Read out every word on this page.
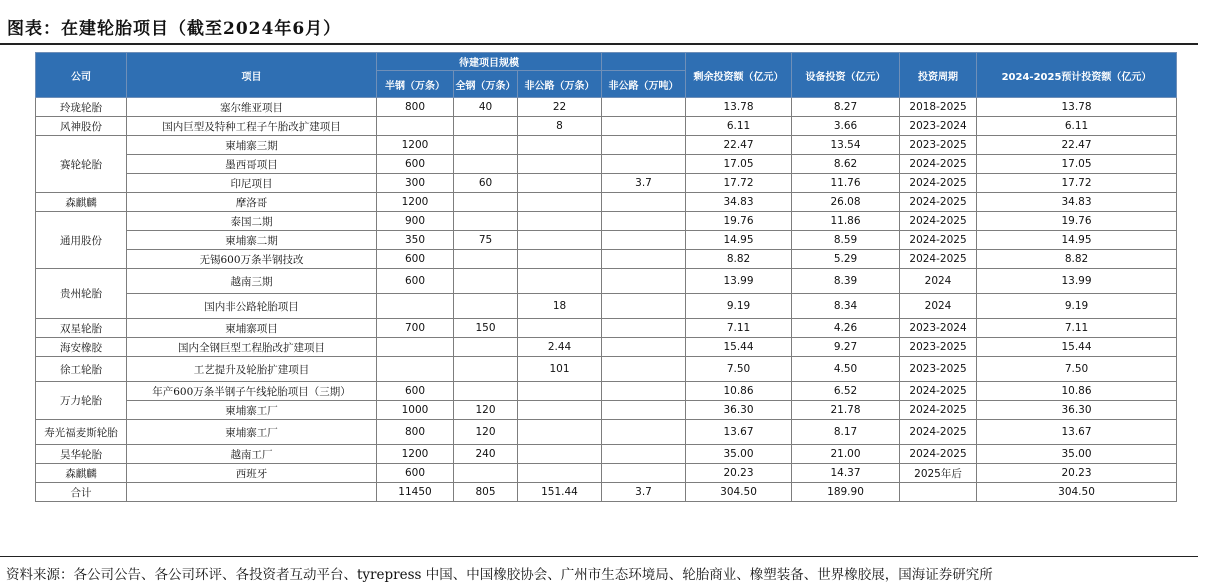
图表：在建轮胎项目（截至2024年6月）
公司	项目	待建项目规模				剩余投资额（亿元）	设备投资（亿元）	投资周期	2024-2025预计投资额（亿元）
		半钢（万条）	全钢（万条）	非公路（万条）	非公路（万吨）				
玲珑轮胎	塞尔维亚项目	800	40	22		13.78	8.27	2018-2025	13.78
风神股份	国内巨型及特种工程子午胎改扩建项目			8		6.11	3.66	2023-2024	6.11
赛轮轮胎	柬埔寨三期	1200				22.47	13.54	2023-2025	22.47
	墨西哥项目	600				17.05	8.62	2024-2025	17.05
	印尼项目	300	60		3.7	17.72	11.76	2024-2025	17.72
森麒麟	摩洛哥	1200				34.83	26.08	2024-2025	34.83
通用股份	泰国二期	900				19.76	11.86	2024-2025	19.76
	柬埔寨二期	350	75			14.95	8.59	2024-2025	14.95
	无锡600万条半钢技改	600				8.82	5.29	2024-2025	8.82
贵州轮胎	越南三期	600				13.99	8.39	2024	13.99
	国内非公路轮胎项目			18		9.19	8.34	2024	9.19
双星轮胎	柬埔寨项目	700	150			7.11	4.26	2023-2024	7.11
海安橡胶	国内全钢巨型工程胎改扩建项目			2.44		15.44	9.27	2023-2025	15.44
徐工轮胎	工艺提升及轮胎扩建项目			101		7.50	4.50	2023-2025	7.50
万力轮胎	年产600万条半钢子午线轮胎项目（三期）	600				10.86	6.52	2024-2025	10.86
	柬埔寨工厂	1000	120			36.30	21.78	2024-2025	36.30
寿光福麦斯轮胎	柬埔寨工厂	800	120			13.67	8.17	2024-2025	13.67
昊华轮胎	越南工厂	1200	240			35.00	21.00	2024-2025	35.00
森麒麟	西班牙	600				20.23	14.37	2025年后	20.23
合计		11450	805	151.44	3.7	304.50	189.90		304.50
资料来源：各公司公告、各公司环评、各投资者互动平台、tyrepress 中国、中国橡胶协会、广州市生态环境局、轮胎商业、橡塑装备、世界橡胶展，国海证券研究所
